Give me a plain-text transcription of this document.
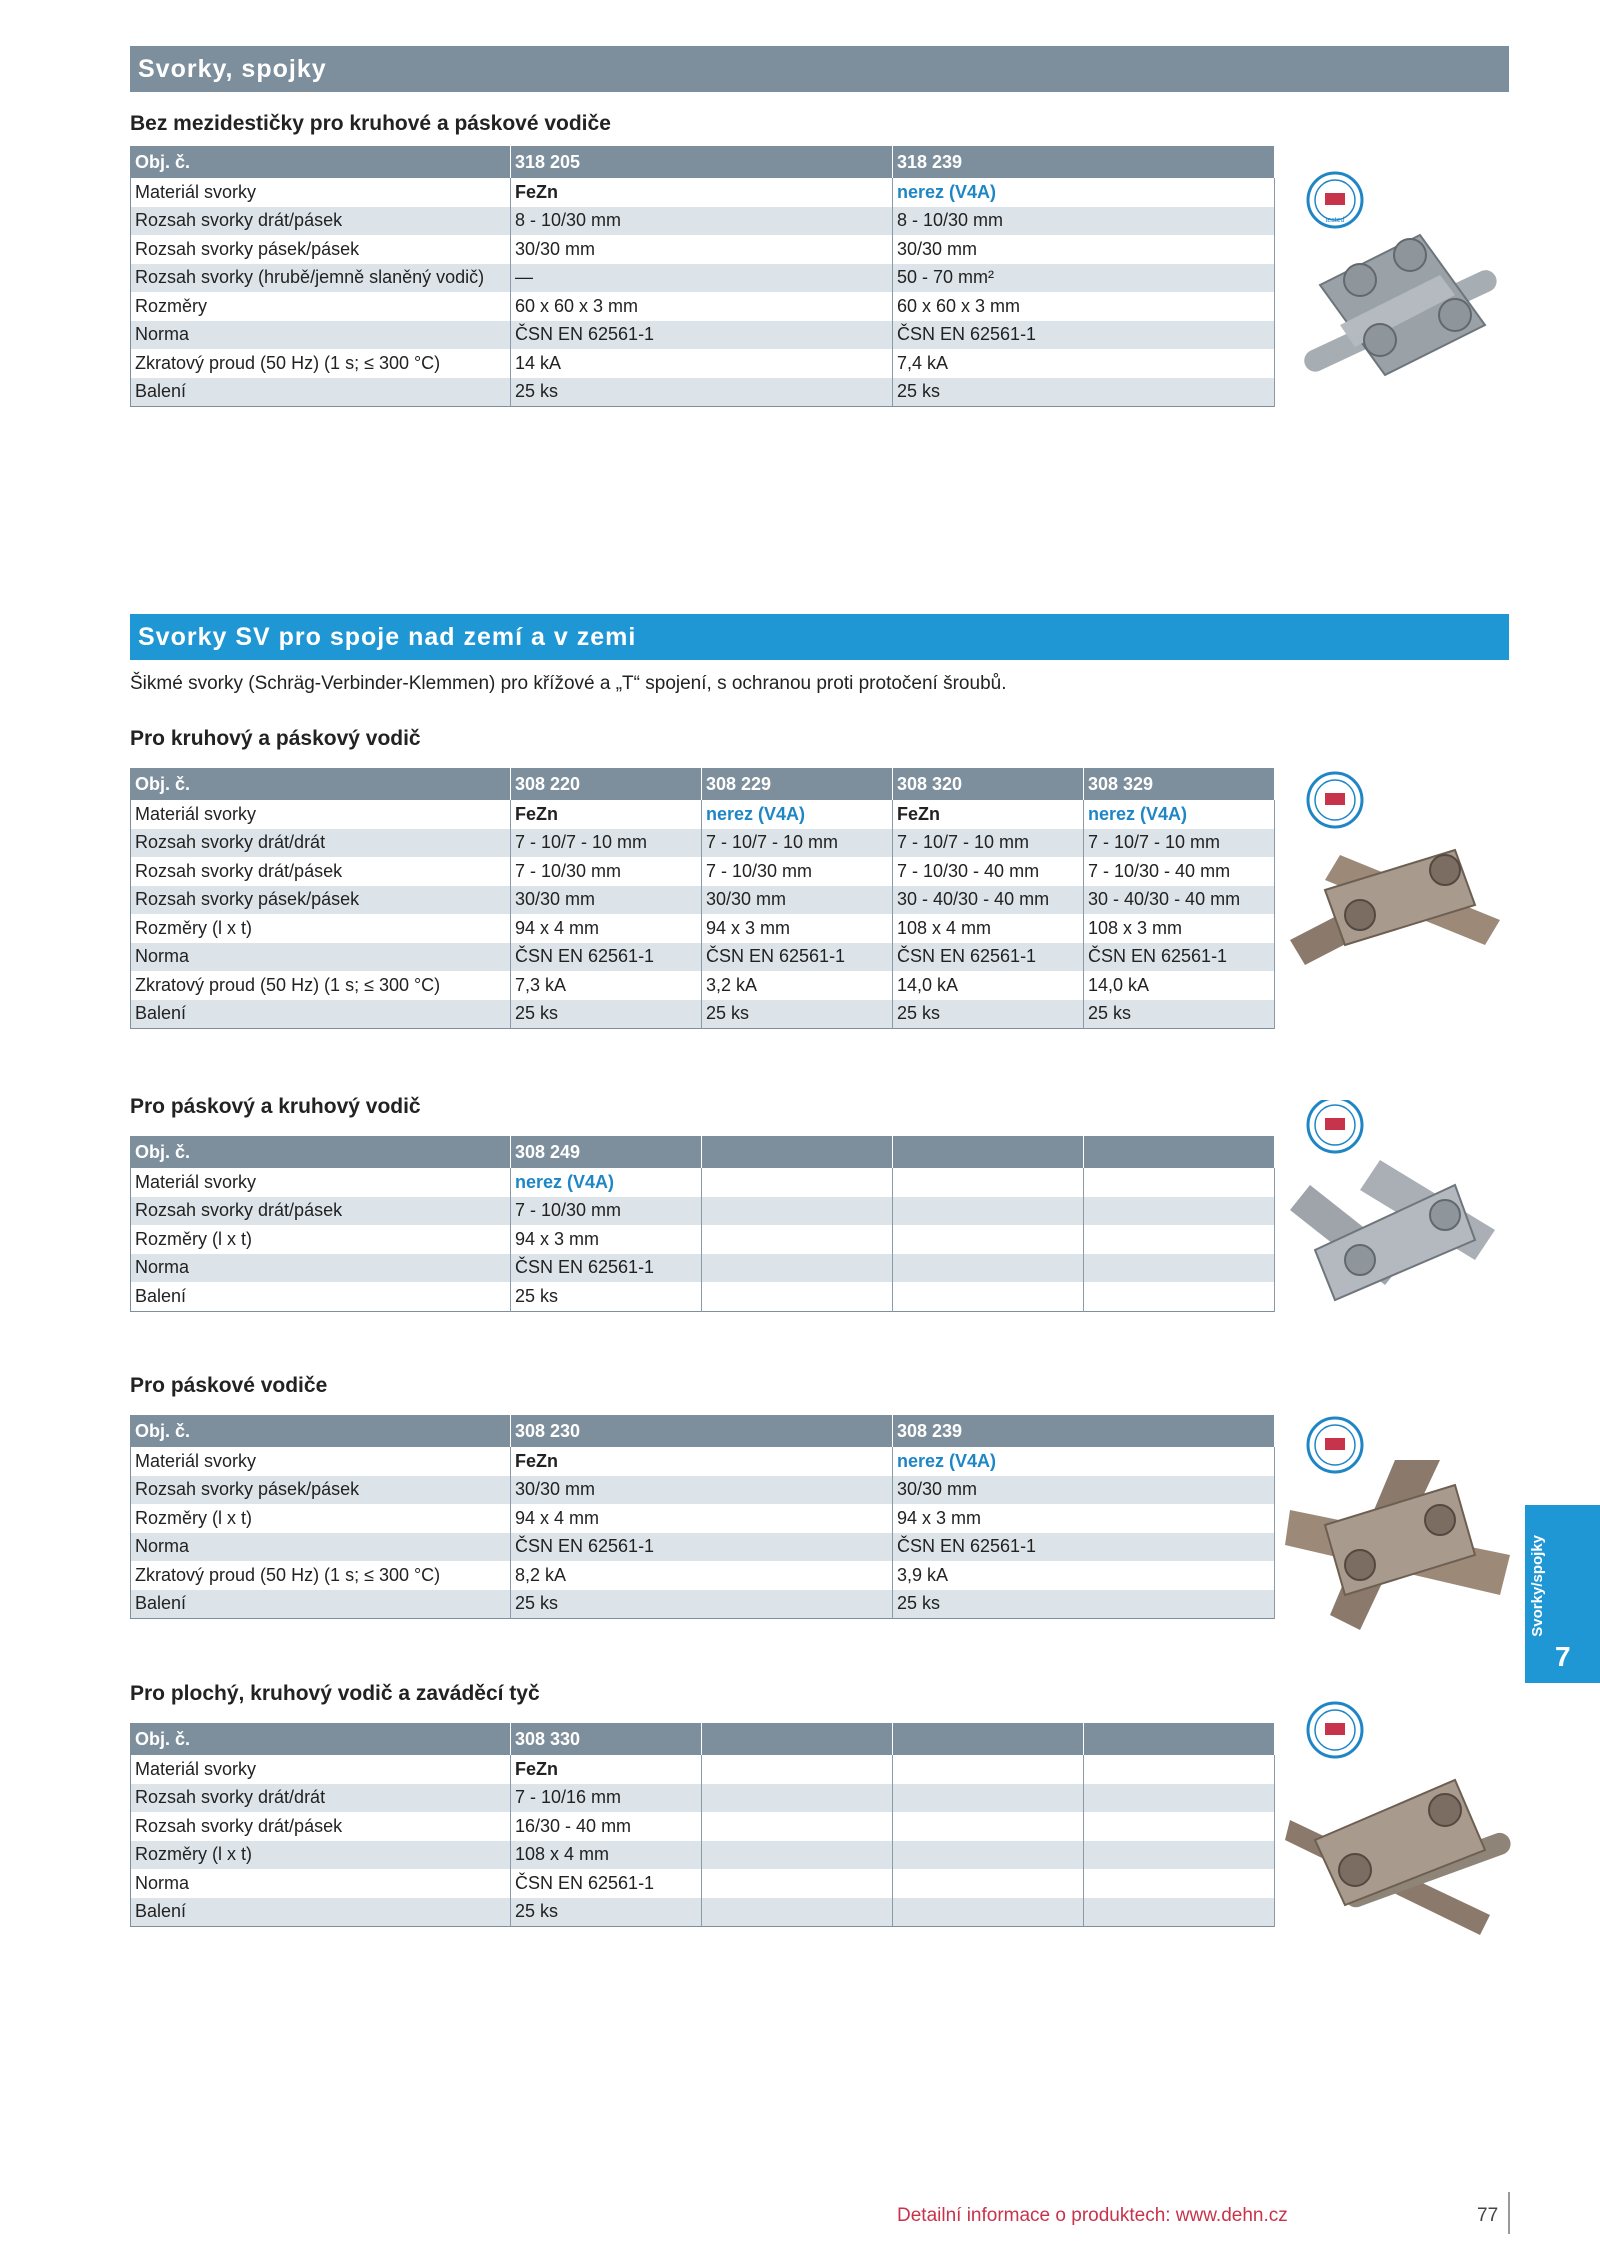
Svorky, spojky
Bez mezidestičky pro kruhové a páskové vodiče
Obj. č.	318 205	318 239
Materiál svorky	FeZn	nerez (V4A)
Rozsah svorky drát/pásek	8 - 10/30 mm	8 - 10/30 mm
Rozsah svorky pásek/pásek	30/30 mm	30/30 mm
Rozsah svorky (hrubě/jemně slaněný vodič)	—	50 - 70 mm²
Rozměry	60 x 60 x 3 mm	60 x 60 x 3 mm
Norma	ČSN EN 62561-1	ČSN EN 62561-1
Zkratový proud (50 Hz) (1 s; ≤ 300 °C)	14 kA	7,4 kA
Balení	25 ks	25 ks
tested
Svorky SV pro spoje nad zemí a v zemi
Šikmé svorky (Schräg-Verbinder-Klemmen) pro křížové a „T“ spojení, s ochranou proti protočení šroubů.
Pro kruhový a páskový vodič
Obj. č.	308 220	308 229	308 320	308 329
Materiál svorky	FeZn	nerez (V4A)	FeZn	nerez (V4A)
Rozsah svorky drát/drát	7 - 10/7 - 10 mm	7 - 10/7 - 10 mm	7 - 10/7 - 10 mm	7 - 10/7 - 10 mm
Rozsah svorky drát/pásek	7 - 10/30 mm	7 - 10/30 mm	7 - 10/30 - 40 mm	7 - 10/30 - 40 mm
Rozsah svorky pásek/pásek	30/30 mm	30/30 mm	30 - 40/30 - 40 mm	30 - 40/30 - 40 mm
Rozměry (l x t)	94 x 4 mm	94 x 3 mm	108 x 4 mm	108 x 3 mm
Norma	ČSN EN 62561-1	ČSN EN 62561-1	ČSN EN 62561-1	ČSN EN 62561-1
Zkratový proud (50 Hz) (1 s; ≤ 300 °C)	7,3 kA	3,2 kA	14,0 kA	14,0 kA
Balení	25 ks	25 ks	25 ks	25 ks
Pro páskový a kruhový vodič
Obj. č.	308 249			
Materiál svorky	nerez (V4A)			
Rozsah svorky drát/pásek	7 - 10/30 mm			
Rozměry (l x t)	94 x 3 mm			
Norma	ČSN EN 62561-1			
Balení	25 ks			
Pro páskové vodiče
Obj. č.	308 230	308 239
Materiál svorky	FeZn	nerez (V4A)
Rozsah svorky pásek/pásek	30/30 mm	30/30 mm
Rozměry (l x t)	94 x 4 mm	94 x 3 mm
Norma	ČSN EN 62561-1	ČSN EN 62561-1
Zkratový proud (50 Hz) (1 s; ≤ 300 °C)	8,2 kA	3,9 kA
Balení	25 ks	25 ks
Pro plochý, kruhový vodič a zaváděcí tyč
Obj. č.	308 330			
Materiál svorky	FeZn			
Rozsah svorky drát/drát	7 - 10/16 mm			
Rozsah svorky drát/pásek	16/30 - 40 mm			
Rozměry (l x t)	108 x 4 mm			
Norma	ČSN EN 62561-1			
Balení	25 ks			
Svorky/spojky
7
Detailní informace o produktech: www.dehn.cz	77
